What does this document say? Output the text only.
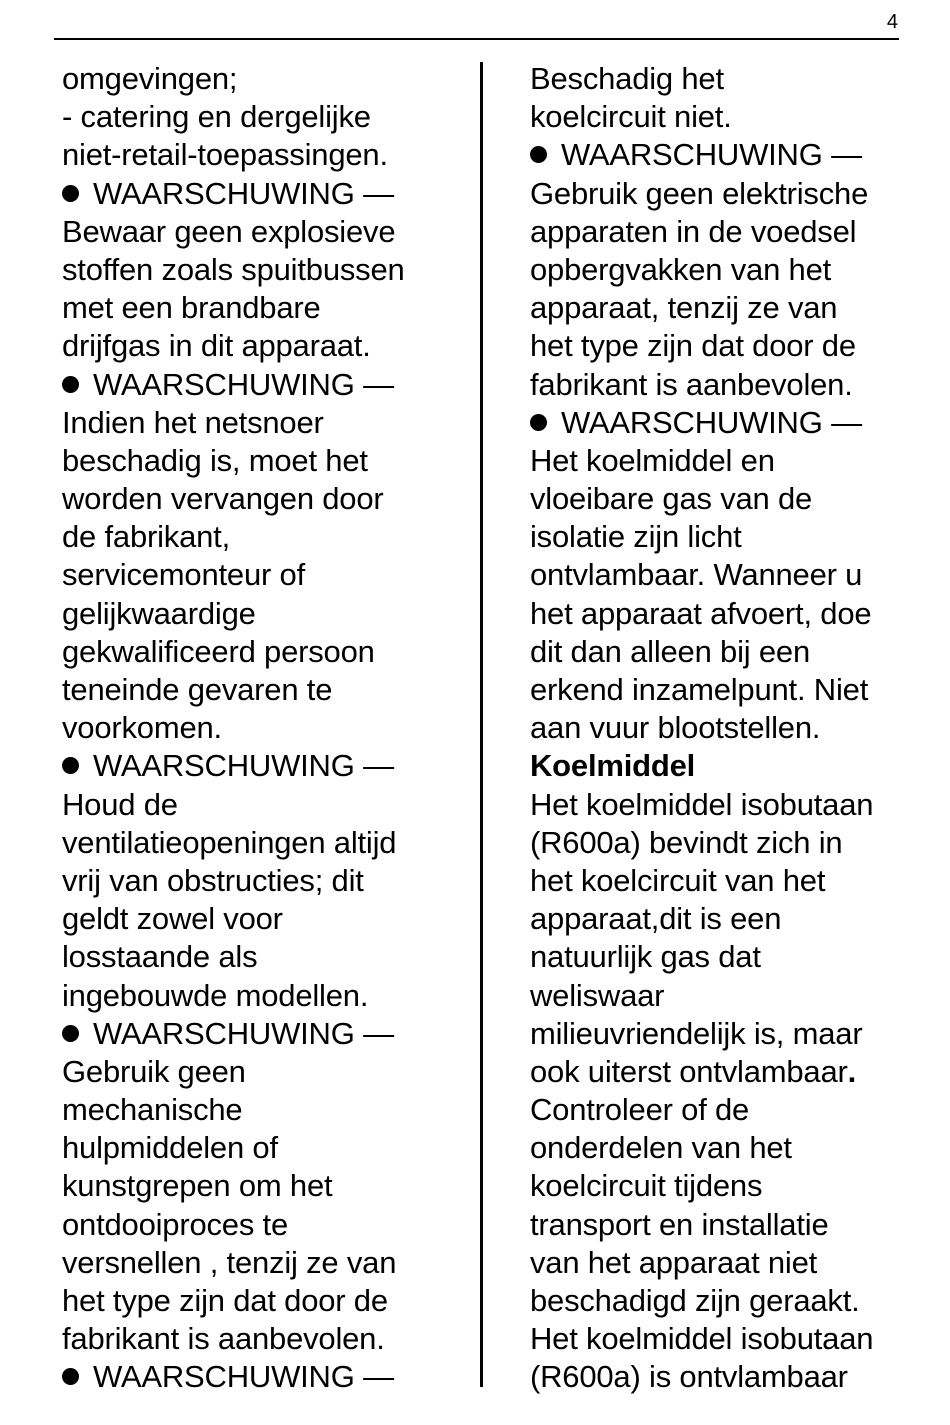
4
omgevingen;
- catering en dergelijke
niet-retail-toepassingen.
WAARSCHUWING —
Bewaar geen explosieve
stoffen zoals spuitbussen
met een brandbare
drijfgas in dit apparaat.
WAARSCHUWING —
Indien het netsnoer
beschadig is, moet het
worden vervangen door
de fabrikant,
servicemonteur of
gelijkwaardige
gekwalificeerd persoon
teneinde gevaren te
voorkomen.
WAARSCHUWING —
Houd de
ventilatieopeningen altijd
vrij van obstructies; dit
geldt zowel voor
losstaande als
ingebouwde modellen.
WAARSCHUWING —
Gebruik geen
mechanische
hulpmiddelen of
kunstgrepen om het
ontdooiproces te
versnellen , tenzij ze van
het type zijn dat door de
fabrikant is aanbevolen.
WAARSCHUWING —
Beschadig het
koelcircuit niet.
WAARSCHUWING —
Gebruik geen elektrische
apparaten in de voedsel
opbergvakken van het
apparaat, tenzij ze van
het type zijn dat door de
fabrikant is aanbevolen.
WAARSCHUWING —
Het koelmiddel en
vloeibare gas van de
isolatie zijn licht
ontvlambaar. Wanneer u
het apparaat afvoert, doe
dit dan alleen bij een
erkend inzamelpunt. Niet
aan vuur blootstellen.
Koelmiddel
Het koelmiddel isobutaan
(R600a) bevindt zich in
het koelcircuit van het
apparaat,dit is een
natuurlijk gas dat
weliswaar
milieuvriendelijk is, maar
ook uiterst ontvlambaar.
Controleer of de
onderdelen van het
koelcircuit tijdens
transport en installatie
van het apparaat niet
beschadigd zijn geraakt.
Het koelmiddel isobutaan
(R600a) is ontvlambaar
